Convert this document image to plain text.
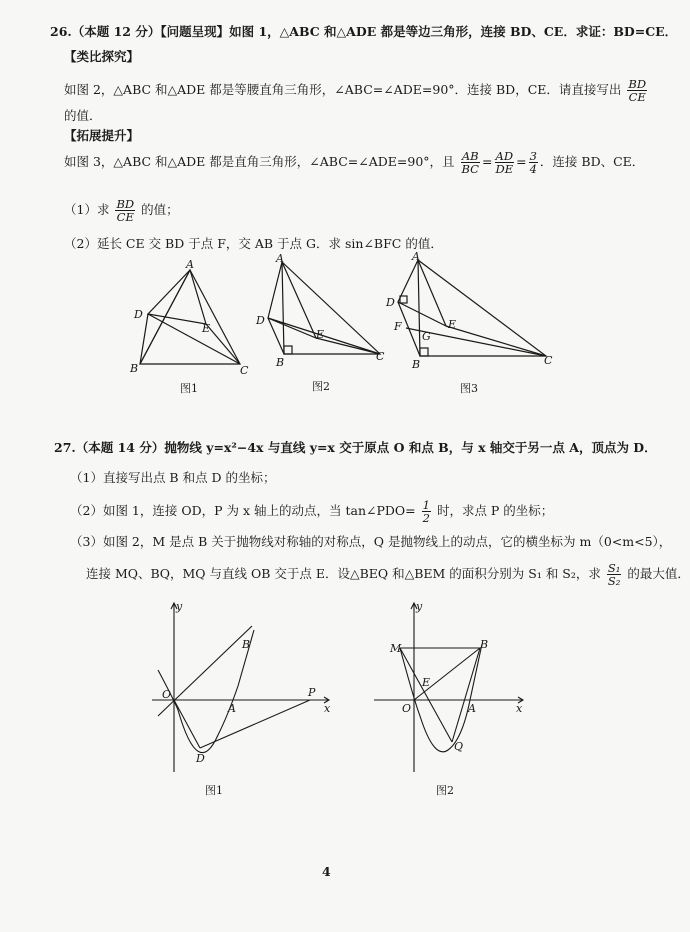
26.（本题 12 分）【问题呈现】如图 1，△ABC 和△ADE 都是等边三角形，连接 BD、CE．求证：BD=CE．
【类比探究】
如图 2，△ABC 和△ADE 都是等腰直角三角形，∠ABC=∠ADE=90°．连接 BD，CE．请直接写出 $\frac{BD}{CE}$
的值．
【拓展提升】
如图 3，△ABC 和△ADE 都是直角三角形，∠ABC=∠ADE=90°，且 $\frac{AB}{BC} = \frac{AD}{DE} = \frac{3}{4}$ ．连接 BD、CE．
（1）求 $\frac{BD}{CE}$ 的值；
（2）延长 CE 交 BD 于点 F，交 AB 于点 G．求 sin∠BFC 的值．
A
B	C
D
E
图1
A
B	C
D
E
图2
A
B	C
D
E
F
G
图3
27.（本题 14 分）抛物线 y=x²−4x 与直线 y=x 交于原点 O 和点 B，与 x 轴交于另一点 A，顶点为 D．
（1）直接写出点 B 和点 D 的坐标；
（2）如图 1，连接 OD，P 为 x 轴上的动点，当 tan∠PDO= $\frac{1}{2}$ 时，求点 P 的坐标；
（3）如图 2，M 是点 B 关于抛物线对称轴的对称点，Q 是抛物线上的动点，它的横坐标为 m（0<m<5），
连接 MQ、BQ，MQ 与直线 OB 交于点 E．设△BEQ 和△BEM 的面积分别为 S₁ 和 S₂，求 $\frac{\text{S₁}}{\text{S₂}}$ 的最大值．
y
x
O
A
B
D
P
图1
y
x
O	A
B
M
E
Q
图2
4
